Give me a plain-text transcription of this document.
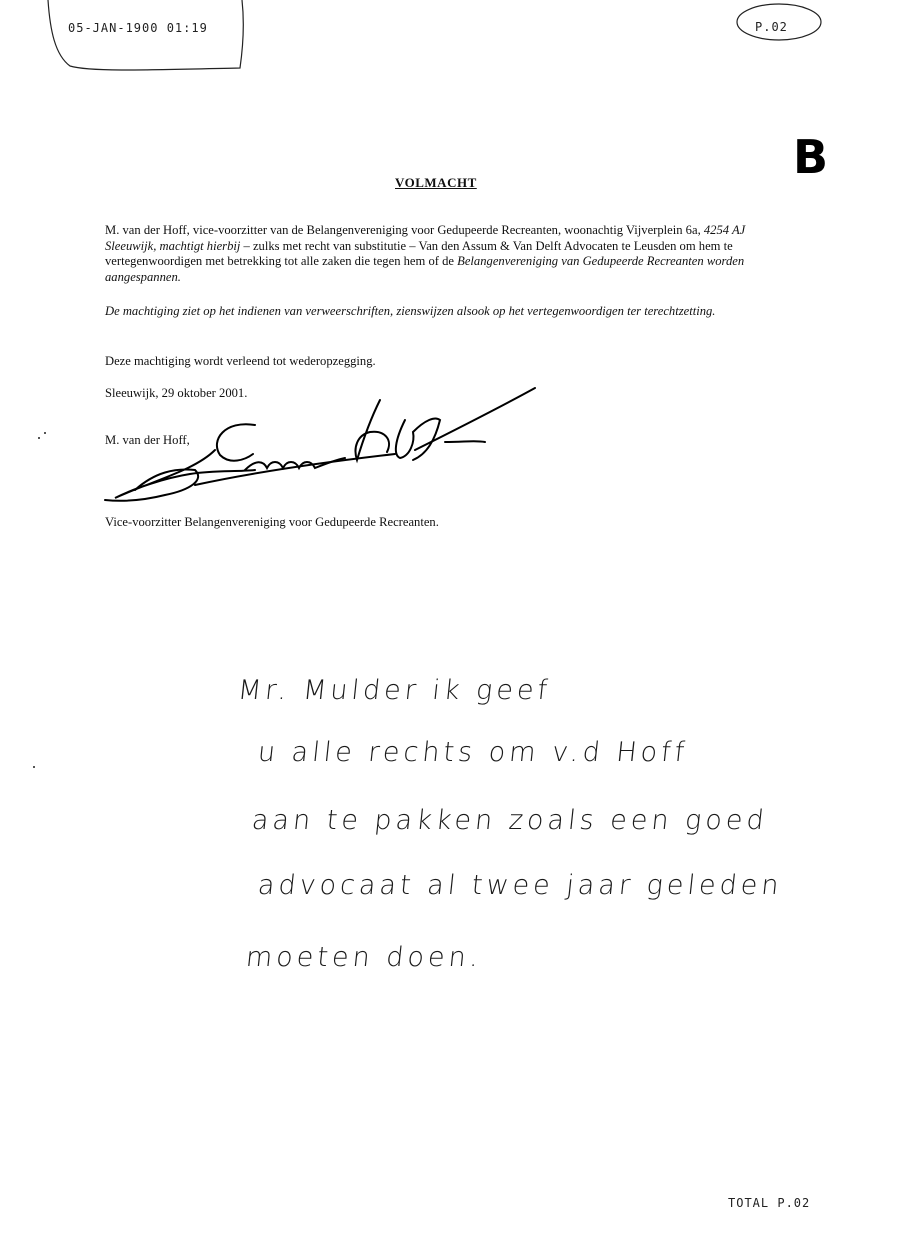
05-JAN-1900 01:19	P.02
B
VOLMACHT
M. van der Hoff, vice-voorzitter van de Belangenvereniging voor Gedupeerde Recreanten, woonachtig Vijverplein 6a, 4254 AJ Sleeuwijk, machtigt hierbij – zulks met recht van substitutie – Van den Assum & Van Delft Advocaten te Leusden om hem te vertegenwoordigen met betrekking tot alle zaken die tegen hem of de Belangenvereniging van Gedupeerde Recreanten worden aangespannen.
De machtiging ziet op het indienen van verweerschriften, zienswijzen alsook op het vertegenwoordigen ter terechtzetting.
Deze machtiging wordt verleend tot wederopzegging.
Sleeuwijk, 29 oktober 2001.
M. van der Hoff,
Vice-voorzitter Belangenvereniging voor Gedupeerde Recreanten.
Mr. Mulder ik geef
u alle rechts om v.d Hoff
aan te pakken zoals een goed
advocaat al twee jaar geleden
moeten doen.
TOTAL P.02
